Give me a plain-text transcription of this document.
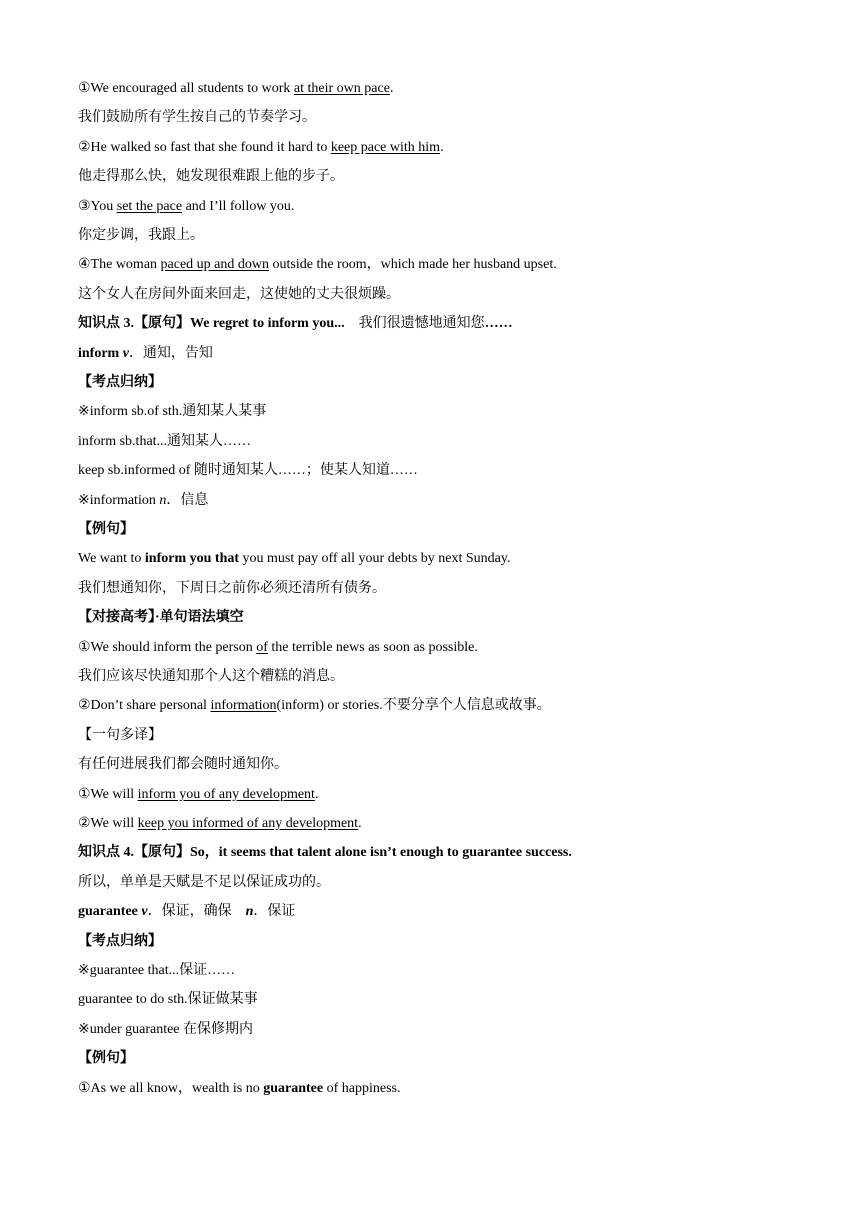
①We encouraged all students to work at their own pace.
我们鼓励所有学生按自己的节奏学习。
②He walked so fast that she found it hard to keep pace with him.
他走得那么快，她发现很难跟上他的步子。
③You set the pace and I’ll follow you.
你定步调，我跟上。
④The woman paced up and down outside the room，which made her husband upset.
这个女人在房间外面来回走，这使她的丈夫很烦躁。
知识点 3.【原句】We regret to inform you...　我们很遗憾地通知您……
inform v．通知，告知
【考点归纳】
※inform sb.of sth.通知某人某事
inform sb.that...通知某人……
keep sb.informed of 随时通知某人……；使某人知道……
※information n．信息
【例句】
We want to inform you that you must pay off all your debts by next Sunday.
我们想通知你，下周日之前你必须还清所有债务。
【对接高考】·单句语法填空
①We should inform the person of the terrible news as soon as possible.
我们应该尽快通知那个人这个糟糕的消息。
②Don’t share personal information(inform) or stories.不要分享个人信息或故事。
【一句多译】
有任何进展我们都会随时通知你。
①We will inform you of any development.
②We will keep you informed of any development.
知识点 4.【原句】So，it seems that talent alone isn’t enough to guarantee success.
所以，单单是天赋是不足以保证成功的。
guarantee v．保证，确保　n．保证
【考点归纳】
※guarantee that...保证……
guarantee to do sth.保证做某事
※under guarantee 在保修期内
【例句】
①As we all know，wealth is no guarantee of happiness.
